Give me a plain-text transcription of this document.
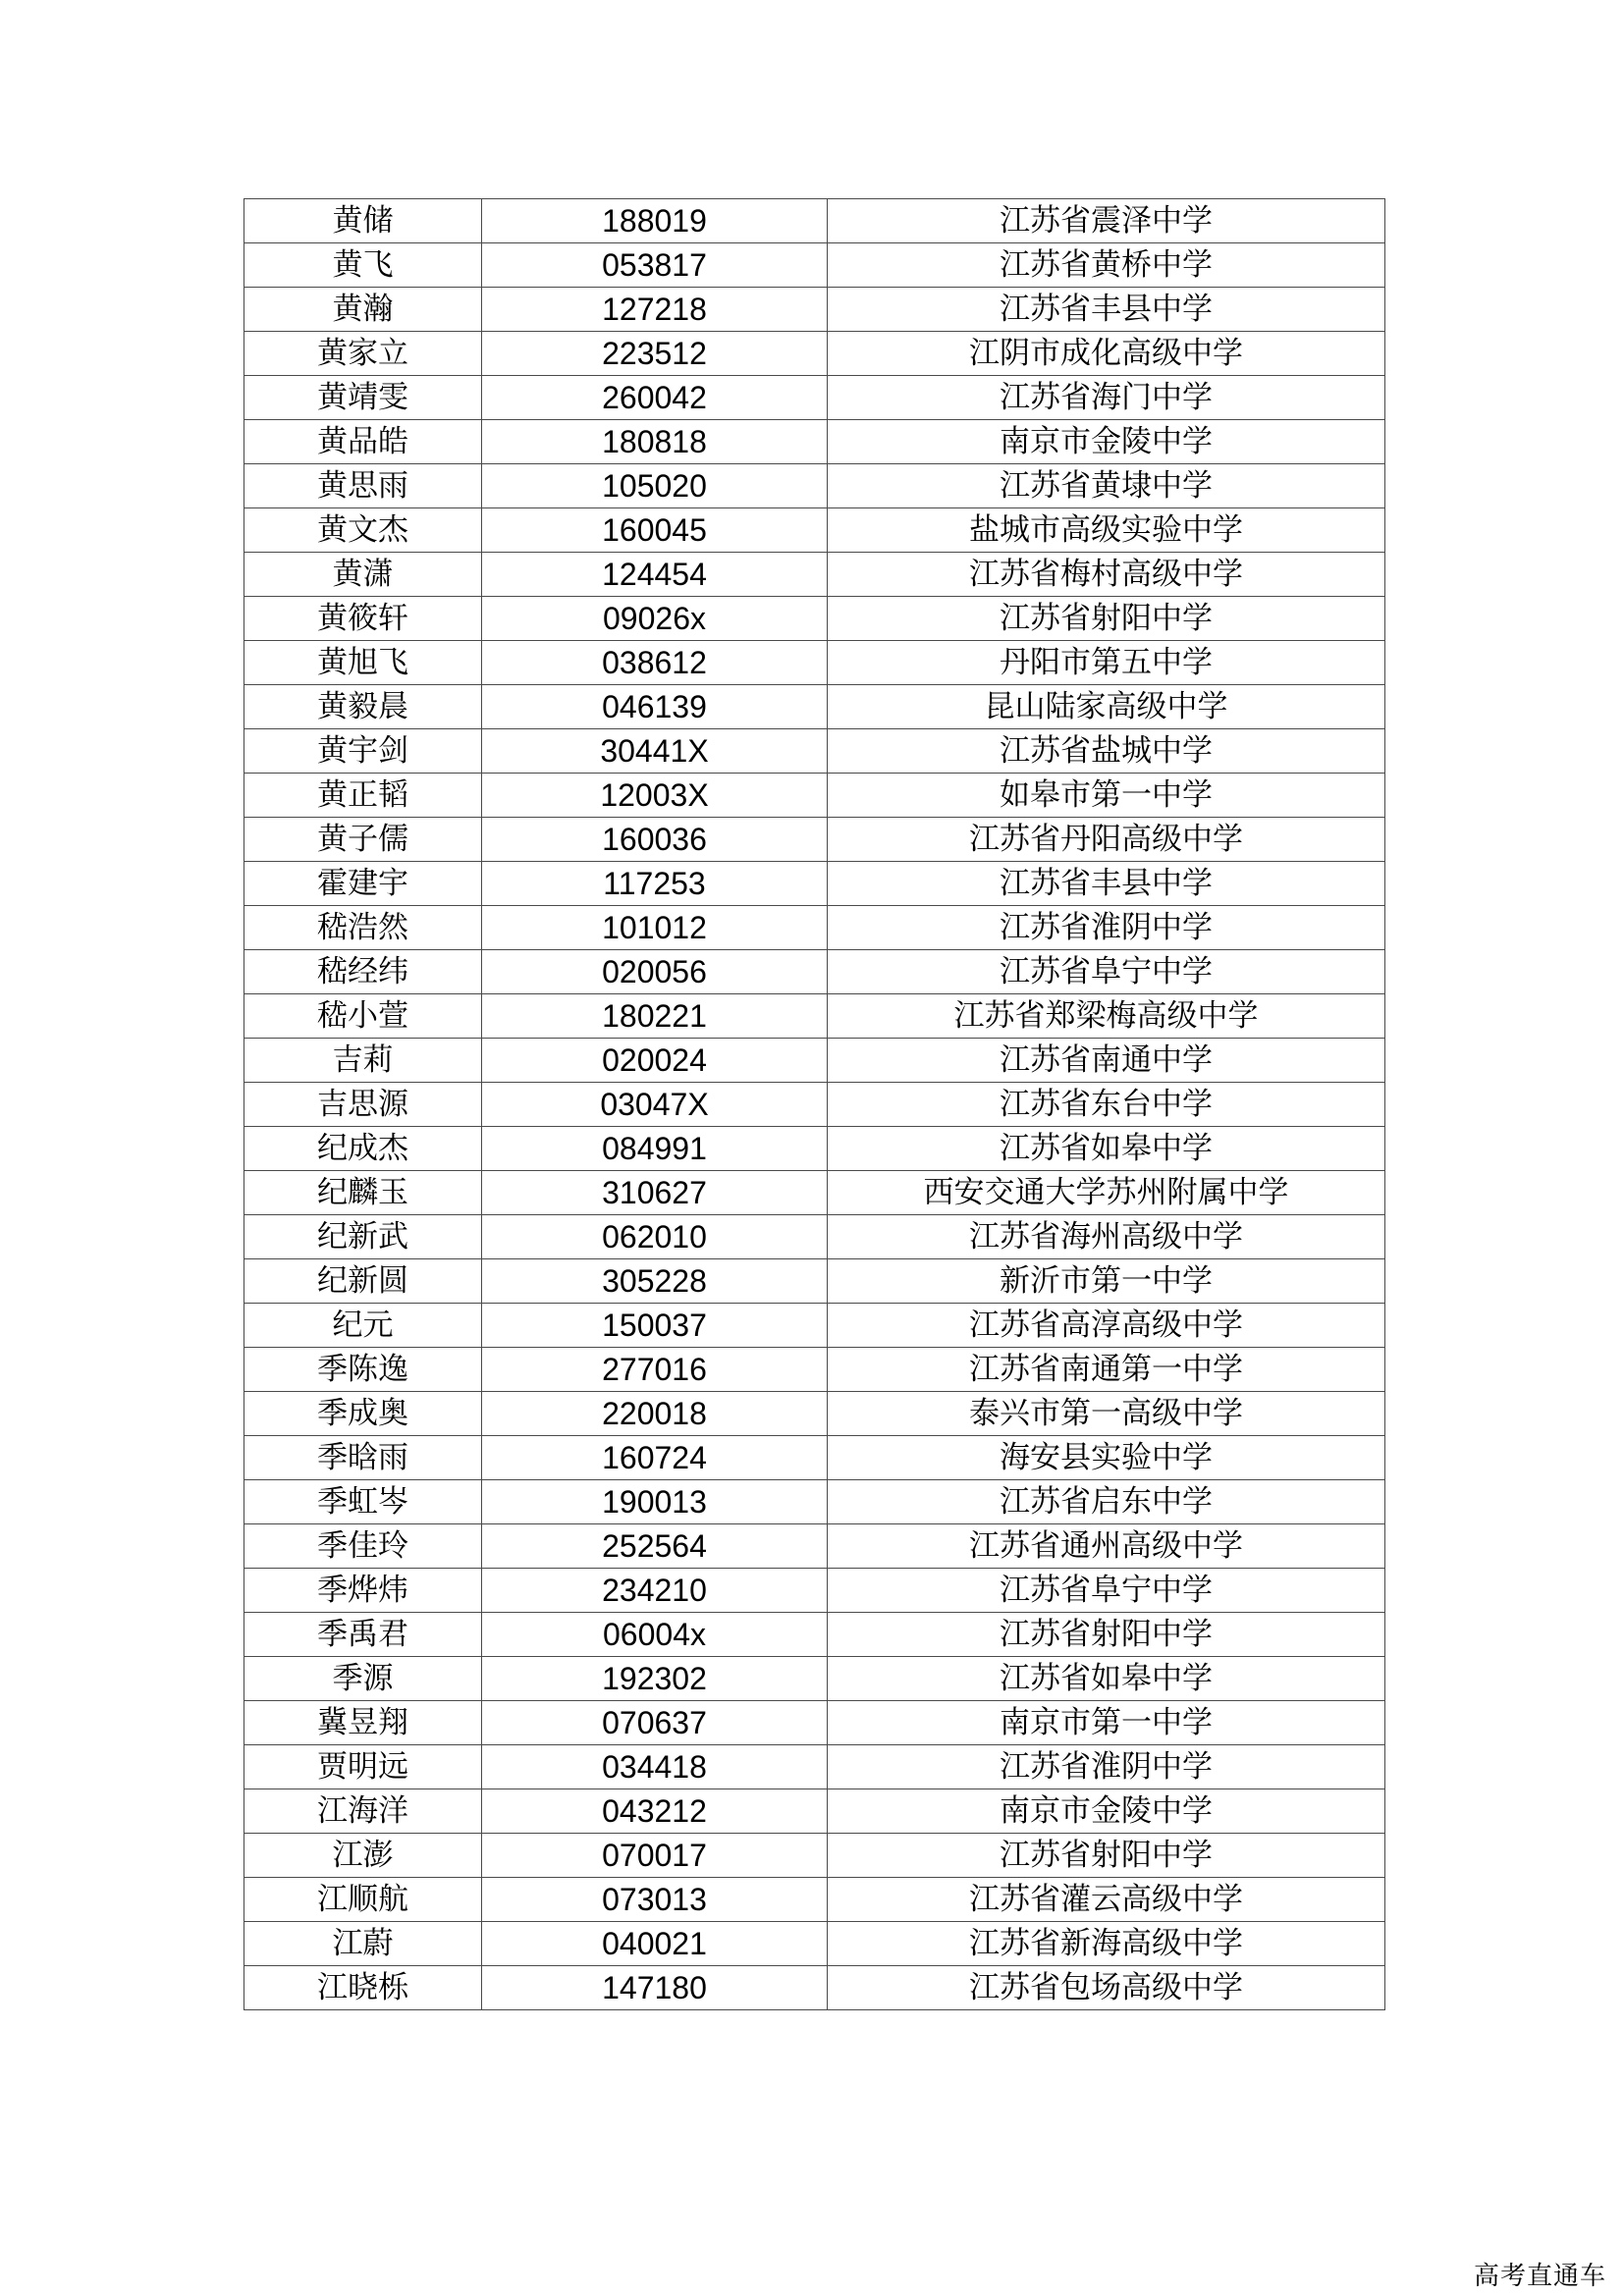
黄储	188019	江苏省震泽中学
黄飞	053817	江苏省黄桥中学
黄瀚	127218	江苏省丰县中学
黄家立	223512	江阴市成化高级中学
黄靖雯	260042	江苏省海门中学
黄品皓	180818	南京市金陵中学
黄思雨	105020	江苏省黄埭中学
黄文杰	160045	盐城市高级实验中学
黄潇	124454	江苏省梅村高级中学
黄筱轩	09026x	江苏省射阳中学
黄旭飞	038612	丹阳市第五中学
黄毅晨	046139	昆山陆家高级中学
黄宇剑	30441X	江苏省盐城中学
黄正韬	12003X	如皋市第一中学
黄子儒	160036	江苏省丹阳高级中学
霍建宇	117253	江苏省丰县中学
嵇浩然	101012	江苏省淮阴中学
嵇经纬	020056	江苏省阜宁中学
嵇小萱	180221	江苏省郑梁梅高级中学
吉莉	020024	江苏省南通中学
吉思源	03047X	江苏省东台中学
纪成杰	084991	江苏省如皋中学
纪麟玉	310627	西安交通大学苏州附属中学
纪新武	062010	江苏省海州高级中学
纪新圆	305228	新沂市第一中学
纪元	150037	江苏省高淳高级中学
季陈逸	277016	江苏省南通第一中学
季成奥	220018	泰兴市第一高级中学
季晗雨	160724	海安县实验中学
季虹岑	190013	江苏省启东中学
季佳玲	252564	江苏省通州高级中学
季烨炜	234210	江苏省阜宁中学
季禹君	06004x	江苏省射阳中学
季源	192302	江苏省如皋中学
冀昱翔	070637	南京市第一中学
贾明远	034418	江苏省淮阴中学
江海洋	043212	南京市金陵中学
江澎	070017	江苏省射阳中学
江顺航	073013	江苏省灌云高级中学
江蔚	040021	江苏省新海高级中学
江晓栎	147180	江苏省包场高级中学
高考直通车
